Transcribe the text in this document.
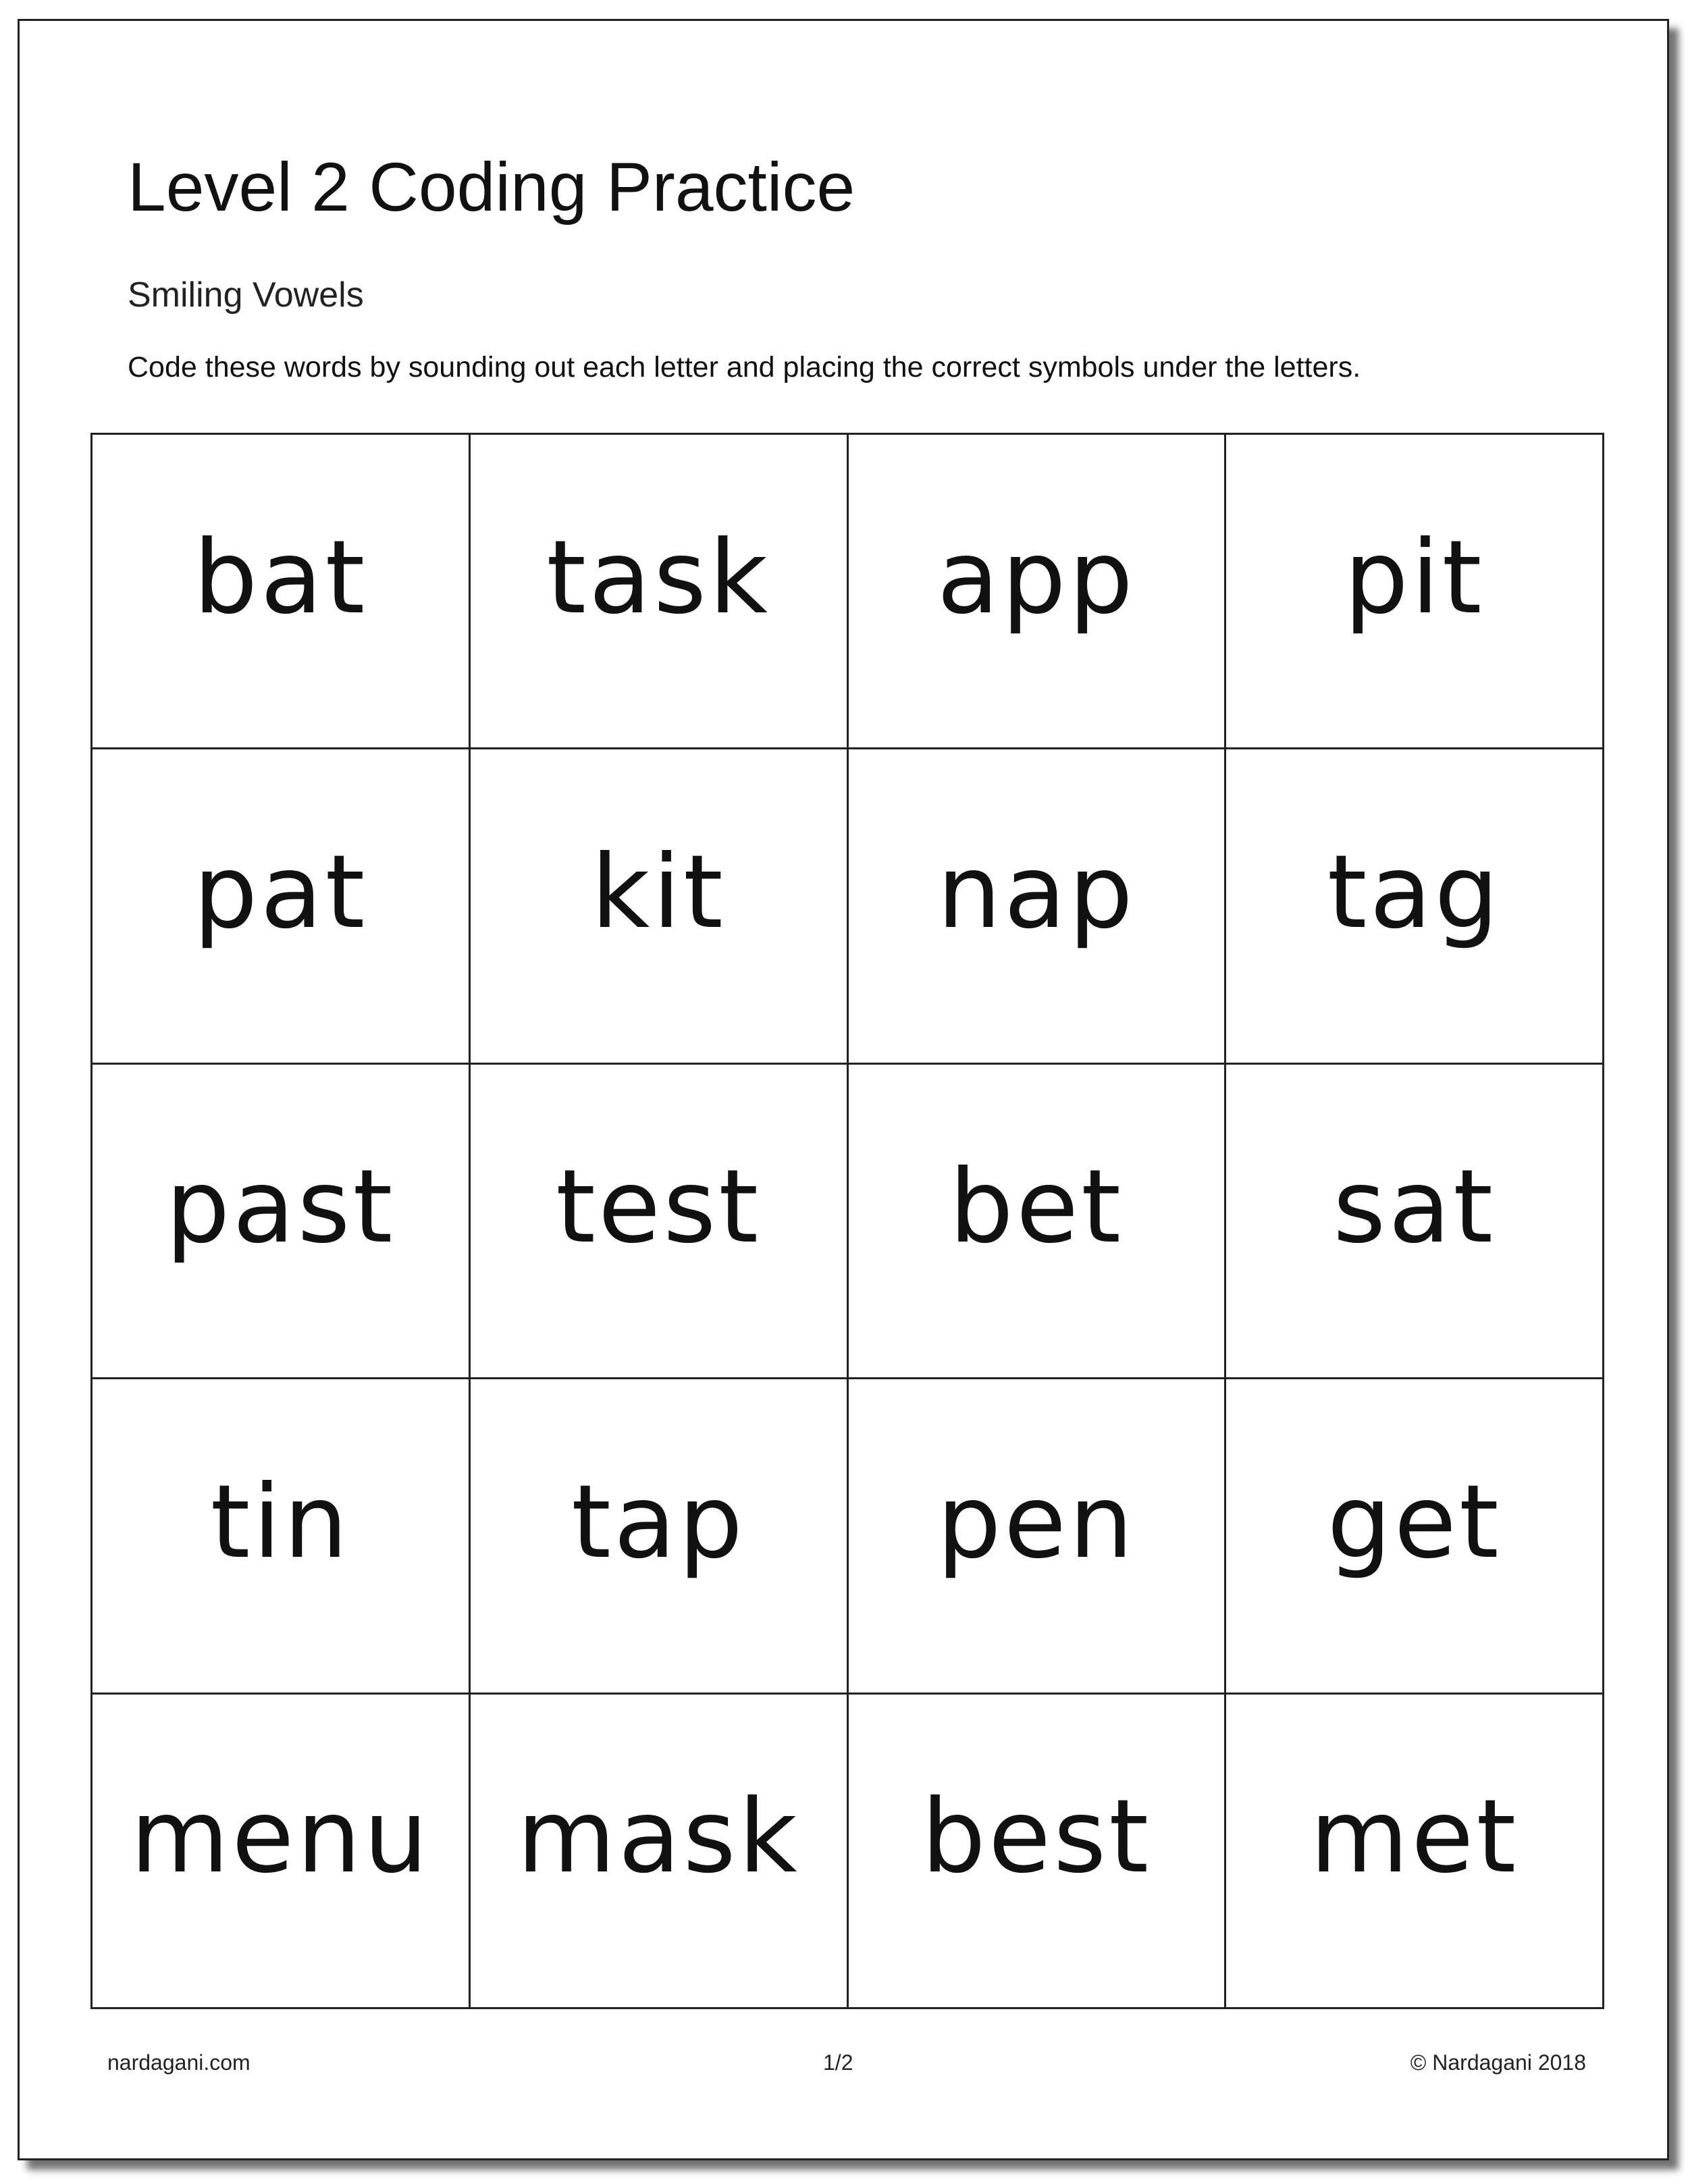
Level 2 Coding Practice
Smiling Vowels
Code these words by sounding out each letter and placing the correct symbols under the letters.
bat task app pit
pat kit nap tag
past test bet sat
tin tap pen get
menu mask best met
nardagani.com	1/2	© Nardagani 2018
